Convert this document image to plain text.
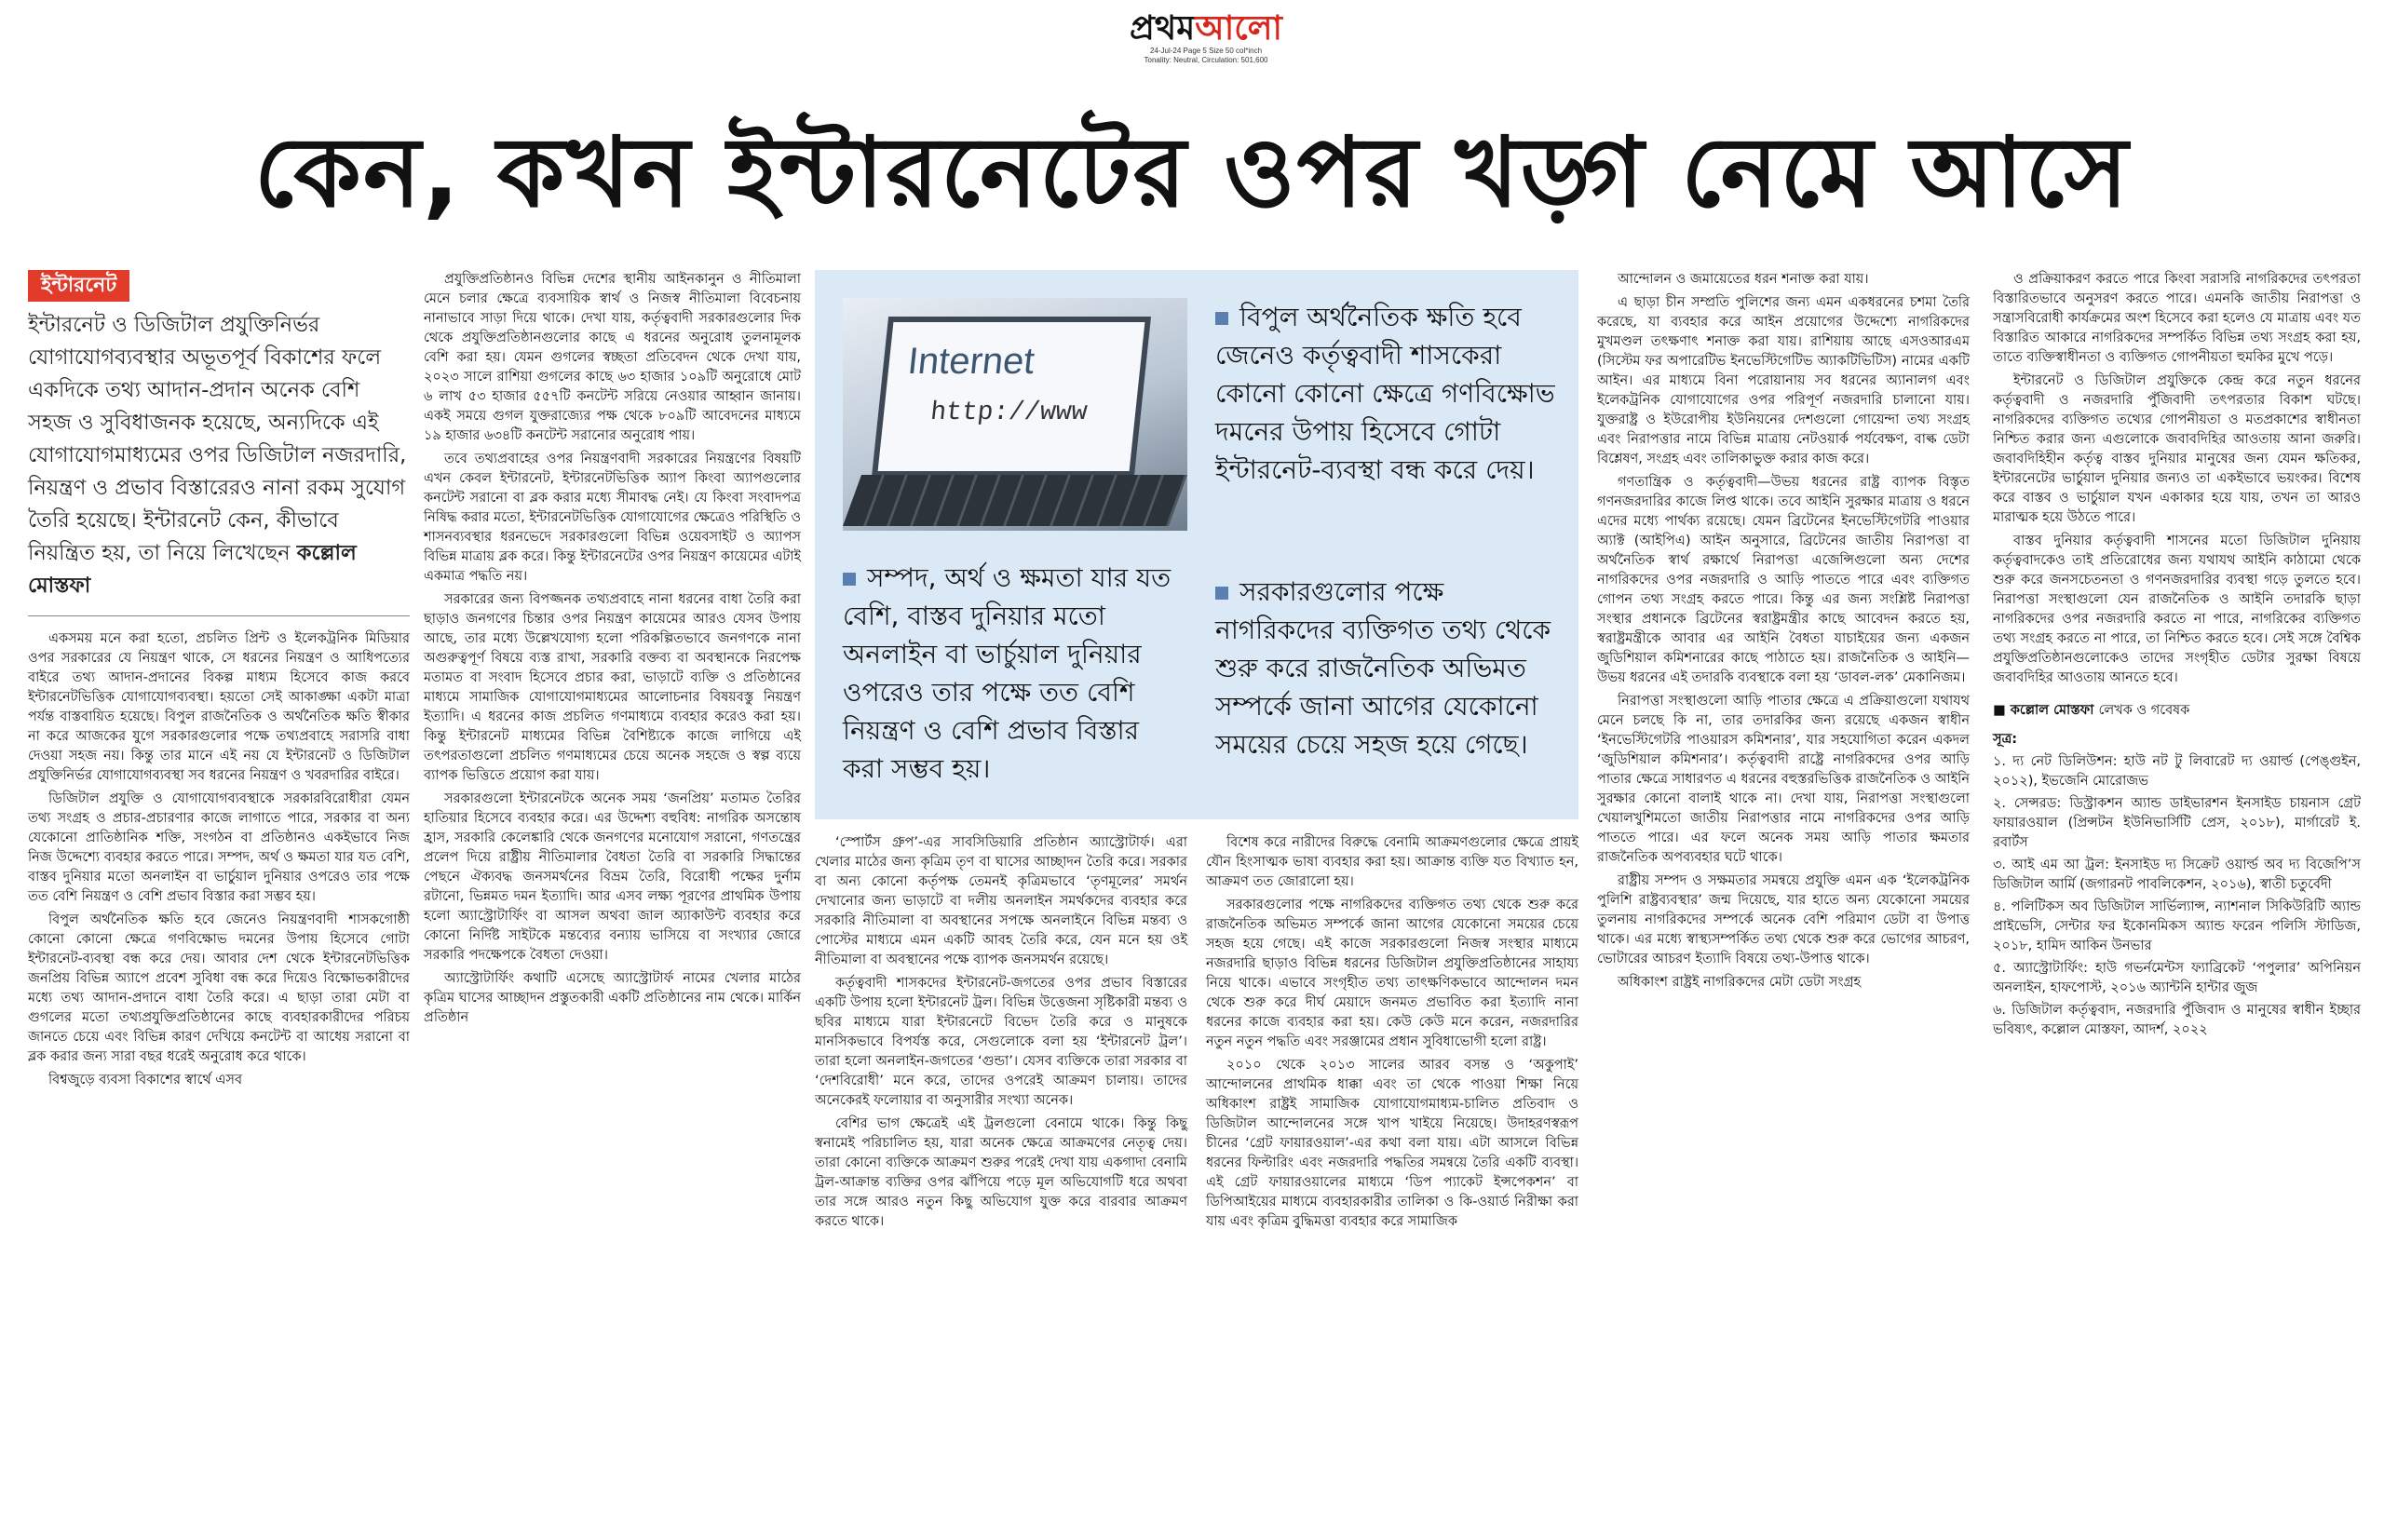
প্রথমআলো
24-Jul-24 Page 5 Size 50 col*inch
Tonality: Neutral, Circulation: 501,600
কেন, কখন ইন্টারনেটের ওপর খড়্গ নেমে আসে
ইন্টারনেট
ইন্টারনেট ও ডিজিটাল প্রযুক্তিনির্ভর যোগাযোগব্যবস্থার অভূতপূর্ব বিকাশের ফলে একদিকে তথ্য আদান-প্রদান অনেক বেশি সহজ ও সুবিধাজনক হয়েছে, অন্যদিকে এই যোগাযোগমাধ্যমের ওপর ডিজিটাল নজরদারি, নিয়ন্ত্রণ ও প্রভাব বিস্তারেরও নানা রকম সুযোগ তৈরি হয়েছে। ইন্টারনেট কেন, কীভাবে নিয়ন্ত্রিত হয়, তা নিয়ে লিখেছেন কল্লোল মোস্তফা

একসময় মনে করা হতো, প্রচলিত প্রিন্ট ও ইলেকট্রনিক মিডিয়ার ওপর সরকারের যে নিয়ন্ত্রণ থাকে, সে ধরনের নিয়ন্ত্রণ ও আধিপত্যের বাইরে তথ্য আদান-প্রদানের বিকল্প মাধ্যম হিসেবে কাজ করবে ইন্টারনেটভিত্তিক যোগাযোগব্যবস্থা। হয়তো সেই আকাঙ্ক্ষা একটা মাত্রা পর্যন্ত বাস্তবায়িত হয়েছে। বিপুল রাজনৈতিক ও অর্থনৈতিক ক্ষতি স্বীকার না করে আজকের যুগে সরকারগুলোর পক্ষে তথ্যপ্রবাহে সরাসরি বাধা দেওয়া সহজ নয়। কিন্তু তার মানে এই নয় যে ইন্টারনেট ও ডিজিটাল প্রযুক্তিনির্ভর যোগাযোগব্যবস্থা সব ধরনের নিয়ন্ত্রণ ও খবরদারির বাইরে।

ডিজিটাল প্রযুক্তি ও যোগাযোগব্যবস্থাকে সরকারবিরোধীরা যেমন তথ্য সংগ্রহ ও প্রচার-প্রচারণার কাজে লাগাতে পারে, সরকার বা অন্য যেকোনো প্রাতিষ্ঠানিক শক্তি, সংগঠন বা প্রতিষ্ঠানও একইভাবে নিজ নিজ উদ্দেশ্যে ব্যবহার করতে পারে। সম্পদ, অর্থ ও ক্ষমতা যার যত বেশি, বাস্তব দুনিয়ার মতো অনলাইন বা ভার্চুয়াল দুনিয়ার ওপরেও তার পক্ষে তত বেশি নিয়ন্ত্রণ ও বেশি প্রভাব বিস্তার করা সম্ভব হয়।

বিপুল অর্থনৈতিক ক্ষতি হবে জেনেও নিয়ন্ত্রণবাদী শাসকগোষ্ঠী কোনো কোনো ক্ষেত্রে গণবিক্ষোভ দমনের উপায় হিসেবে গোটা ইন্টারনেট-ব্যবস্থা বন্ধ করে দেয়। আবার দেশ থেকে ইন্টারনেটভিত্তিক জনপ্রিয় বিভিন্ন অ্যাপে প্রবেশ সুবিধা বন্ধ করে দিয়েও বিক্ষোভকারীদের মধ্যে তথ্য আদান-প্রদানে বাধা তৈরি করে। এ ছাড়া তারা মেটা বা গুগলের মতো তথ্যপ্রযুক্তিপ্রতিষ্ঠানের কাছে ব্যবহারকারীদের পরিচয় জানতে চেয়ে এবং বিভিন্ন কারণ দেখিয়ে কনটেন্ট বা আধেয় সরানো বা ব্লক করার জন্য সারা বছর ধরেই অনুরোধ করে থাকে।

বিশ্বজুড়ে ব্যবসা বিকাশের স্বার্থে এসব

প্রযুক্তিপ্রতিষ্ঠানও বিভিন্ন দেশের স্থানীয় আইনকানুন ও নীতিমালা মেনে চলার ক্ষেত্রে ব্যবসায়িক স্বার্থ ও নিজস্ব নীতিমালা বিবেচনায় নানাভাবে সাড়া দিয়ে থাকে। দেখা যায়, কর্তৃত্ববাদী সরকারগুলোর দিক থেকে প্রযুক্তিপ্রতিষ্ঠানগুলোর কাছে এ ধরনের অনুরোধ তুলনামূলক বেশি করা হয়। যেমন গুগলের স্বচ্ছতা প্রতিবেদন থেকে দেখা যায়, ২০২৩ সালে রাশিয়া গুগলের কাছে ৬৩ হাজার ১০৯টি অনুরোধে মোট ৬ লাখ ৫৩ হাজার ৫৫৭টি কনটেন্ট সরিয়ে নেওয়ার আহ্বান জানায়। একই সময়ে গুগল যুক্তরাজ্যের পক্ষ থেকে ৮০৯টি আবেদনের মাধ্যমে ১৯ হাজার ৬৩৪টি কনটেন্ট সরানোর অনুরোধ পায়।

তবে তথ্যপ্রবাহের ওপর নিয়ন্ত্রণবাদী সরকারের নিয়ন্ত্রণের বিষয়টি এখন কেবল ইন্টারনেট, ইন্টারনেটভিত্তিক অ্যাপ কিংবা অ্যাপগুলোর কনটেন্ট সরানো বা ব্লক করার মধ্যে সীমাবদ্ধ নেই। যে কিংবা সংবাদপত্র নিষিদ্ধ করার মতো, ইন্টারনেটভিত্তিক যোগাযোগের ক্ষেত্রেও পরিস্থিতি ও শাসনব্যবস্থার ধরনভেদে সরকারগুলো বিভিন্ন ওয়েবসাইট ও অ্যাপস বিভিন্ন মাত্রায় ব্লক করে। কিন্তু ইন্টারনেটের ওপর নিয়ন্ত্রণ কায়েমের এটাই একমাত্র পদ্ধতি নয়।

সরকারের জন্য বিপজ্জনক তথ্যপ্রবাহে নানা ধরনের বাধা তৈরি করা ছাড়াও জনগণের চিন্তার ওপর নিয়ন্ত্রণ কায়েমের আরও যেসব উপায় আছে, তার মধ্যে উল্লেখযোগ্য হলো পরিকল্পিতভাবে জনগণকে নানা অগুরুত্বপূর্ণ বিষয়ে ব্যস্ত রাখা, সরকারি বক্তব্য বা অবস্থানকে নিরপেক্ষ মতামত বা সংবাদ হিসেবে প্রচার করা, ভাড়াটে ব্যক্তি ও প্রতিষ্ঠানের মাধ্যমে সামাজিক যোগাযোগমাধ্যমের আলোচনার বিষয়বস্তু নিয়ন্ত্রণ ইত্যাদি। এ ধরনের কাজ প্রচলিত গণমাধ্যমে ব্যবহার করেও করা হয়। কিন্তু ইন্টারনেট মাধ্যমের বিভিন্ন বৈশিষ্ট্যকে কাজে লাগিয়ে এই তৎপরতাগুলো প্রচলিত গণমাধ্যমের চেয়ে অনেক সহজে ও স্বল্প ব্যয়ে ব্যাপক ভিত্তিতে প্রয়োগ করা যায়।

সরকারগুলো ইন্টারনেটকে অনেক সময় ‘জনপ্রিয়’ মতামত তৈরির হাতিয়ার হিসেবে ব্যবহার করে। এর উদ্দেশ্য বহুবিধ: নাগরিক অসন্তোষ হ্রাস, সরকারি কেলেঙ্কারি থেকে জনগণের মনোযোগ সরানো, গণতন্ত্রের প্রলেপ দিয়ে রাষ্ট্রীয় নীতিমালার বৈধতা তৈরি বা সরকারি সিদ্ধান্তের পেছনে ঐক্যবদ্ধ জনসমর্থনের বিভ্রম তৈরি, বিরোধী পক্ষের দুর্নাম রটানো, ভিন্নমত দমন ইত্যাদি। আর এসব লক্ষ্য পূরণের প্রাথমিক উপায় হলো অ্যাস্ট্রোটার্ফিং বা আসল অথবা জাল অ্যাকাউন্ট ব্যবহার করে কোনো নির্দিষ্ট সাইটকে মন্তব্যের বন্যায় ভাসিয়ে বা সংখ্যার জোরে সরকারি পদক্ষেপকে বৈধতা দেওয়া।

অ্যাস্ট্রোটার্ফিং কথাটি এসেছে অ্যাস্ট্রোটার্ফ নামের খেলার মাঠের কৃত্রিম ঘাসের আচ্ছাদন প্রস্তুতকারী একটি প্রতিষ্ঠানের নাম থেকে। মার্কিন প্রতিষ্ঠান

Internet
http://www
সম্পদ, অর্থ ও ক্ষমতা যার যত বেশি, বাস্তব দুনিয়ার মতো অনলাইন বা ভার্চুয়াল দুনিয়ার ওপরেও তার পক্ষে তত বেশি নিয়ন্ত্রণ ও বেশি প্রভাব বিস্তার করা সম্ভব হয়।
বিপুল অর্থনৈতিক ক্ষতি হবে জেনেও কর্তৃত্ববাদী শাসকেরা কোনো কোনো ক্ষেত্রে গণবিক্ষোভ দমনের উপায় হিসেবে গোটা ইন্টারনেট-ব্যবস্থা বন্ধ করে দেয়।
সরকারগুলোর পক্ষে নাগরিকদের ব্যক্তিগত তথ্য থেকে শুরু করে রাজনৈতিক অভিমত সম্পর্কে জানা আগের যেকোনো সময়ের চেয়ে সহজ হয়ে গেছে।

‘স্পোর্টস গ্রুপ’-এর সাবসিডিয়ারি প্রতিষ্ঠান অ্যাস্ট্রোটার্ফ। এরা খেলার মাঠের জন্য কৃত্রিম তৃণ বা ঘাসের আচ্ছাদন তৈরি করে। সরকার বা অন্য কোনো কর্তৃপক্ষ তেমনই কৃত্রিমভাবে ‘তৃণমূলের’ সমর্থন দেখানোর জন্য ভাড়াটে বা দলীয় অনলাইন সমর্থকদের ব্যবহার করে সরকারি নীতিমালা বা অবস্থানের সপক্ষে অনলাইনে বিভিন্ন মন্তব্য ও পোস্টের মাধ্যমে এমন একটি আবহ তৈরি করে, যেন মনে হয় ওই নীতিমালা বা অবস্থানের পক্ষে ব্যাপক জনসমর্থন রয়েছে।

কর্তৃত্ববাদী শাসকদের ইন্টারনেট-জগতের ওপর প্রভাব বিস্তারের একটি উপায় হলো ইন্টারনেট ট্রল। বিভিন্ন উত্তেজনা সৃষ্টিকারী মন্তব্য ও ছবির মাধ্যমে যারা ইন্টারনেটে বিভেদ তৈরি করে ও মানুষকে মানসিকভাবে বিপর্যস্ত করে, সেগুলোকে বলা হয় ‘ইন্টারনেট ট্রল’। তারা হলো অনলাইন-জগতের ‘গুন্ডা’। যেসব ব্যক্তিকে তারা সরকার বা ‘দেশবিরোধী’ মনে করে, তাদের ওপরেই আক্রমণ চালায়। তাদের অনেকেরই ফলোয়ার বা অনুসারীর সংখ্যা অনেক।

বেশির ভাগ ক্ষেত্রেই এই ট্রলগুলো বেনামে থাকে। কিন্তু কিছু স্বনামেই পরিচালিত হয়, যারা অনেক ক্ষেত্রে আক্রমণের নেতৃত্ব দেয়। তারা কোনো ব্যক্তিকে আক্রমণ শুরুর পরেই দেখা যায় একগাদা বেনামি ট্রল-আক্রান্ত ব্যক্তির ওপর ঝাঁপিয়ে পড়ে মূল অভিযোগটি ধরে অথবা তার সঙ্গে আরও নতুন কিছু অভিযোগ যুক্ত করে বারবার আক্রমণ করতে থাকে।

বিশেষ করে নারীদের বিরুদ্ধে বেনামি আক্রমণগুলোর ক্ষেত্রে প্রায়ই যৌন হিংসাত্মক ভাষা ব্যবহার করা হয়। আক্রান্ত ব্যক্তি যত বিখ্যাত হন, আক্রমণ তত জোরালো হয়।

সরকারগুলোর পক্ষে নাগরিকদের ব্যক্তিগত তথ্য থেকে শুরু করে রাজনৈতিক অভিমত সম্পর্কে জানা আগের যেকোনো সময়ের চেয়ে সহজ হয়ে গেছে। এই কাজে সরকারগুলো নিজস্ব সংস্থার মাধ্যমে নজরদারি ছাড়াও বিভিন্ন ধরনের ডিজিটাল প্রযুক্তিপ্রতিষ্ঠানের সাহায্য নিয়ে থাকে। এভাবে সংগৃহীত তথ্য তাৎক্ষণিকভাবে আন্দোলন দমন থেকে শুরু করে দীর্ঘ মেয়াদে জনমত প্রভাবিত করা ইত্যাদি নানা ধরনের কাজে ব্যবহার করা হয়। কেউ কেউ মনে করেন, নজরদারির নতুন নতুন পদ্ধতি এবং সরঞ্জামের প্রধান সুবিধাভোগী হলো রাষ্ট্র।

২০১০ থেকে ২০১৩ সালের আরব বসন্ত ও ‘অকুপাই’ আন্দোলনের প্রাথমিক ধাক্কা এবং তা থেকে পাওয়া শিক্ষা নিয়ে অধিকাংশ রাষ্ট্রই সামাজিক যোগাযোগমাধ্যম-চালিত প্রতিবাদ ও ডিজিটাল আন্দোলনের সঙ্গে খাপ খাইয়ে নিয়েছে। উদাহরণস্বরূপ চীনের ‘গ্রেট ফায়ারওয়াল’-এর কথা বলা যায়। এটা আসলে বিভিন্ন ধরনের ফিল্টারিং এবং নজরদারি পদ্ধতির সমন্বয়ে তৈরি একটি ব্যবস্থা। এই গ্রেট ফায়ারওয়ালের মাধ্যমে ‘ডিপ প্যাকেট ইন্সপেকশন’ বা ডিপিআইয়ের মাধ্যমে ব্যবহারকারীর তালিকা ও কি-ওয়ার্ড নিরীক্ষা করা যায় এবং কৃত্রিম বুদ্ধিমত্তা ব্যবহার করে সামাজিক

আন্দোলন ও জমায়েতের ধরন শনাক্ত করা যায়।

এ ছাড়া চীন সম্প্রতি পুলিশের জন্য এমন একধরনের চশমা তৈরি করেছে, যা ব্যবহার করে আইন প্রয়োগের উদ্দেশ্যে নাগরিকদের মুখমণ্ডল তৎক্ষণাৎ শনাক্ত করা যায়। রাশিয়ায় আছে এসওআরএম (সিস্টেম ফর অপারেটিভ ইনভেস্টিগেটিভ অ্যাকটিভিটিস) নামের একটি আইন। এর মাধ্যমে বিনা পরোয়ানায় সব ধরনের অ্যানালগ এবং ইলেকট্রনিক যোগাযোগের ওপর পরিপূর্ণ নজরদারি চালানো যায়। যুক্তরাষ্ট্র ও ইউরোপীয় ইউনিয়নের দেশগুলো গোয়েন্দা তথ্য সংগ্রহ এবং নিরাপত্তার নামে বিভিন্ন মাত্রায় নেটওয়ার্ক পর্যবেক্ষণ, বাল্ক ডেটা বিশ্লেষণ, সংগ্রহ এবং তালিকাভুক্ত করার কাজ করে।

গণতান্ত্রিক ও কর্তৃত্ববাদী—উভয় ধরনের রাষ্ট্র ব্যাপক বিস্তৃত গণনজরদারির কাজে লিপ্ত থাকে। তবে আইনি সুরক্ষার মাত্রায় ও ধরনে এদের মধ্যে পার্থক্য রয়েছে। যেমন ব্রিটেনের ইনভেস্টিগেটরি পাওয়ার অ্যাক্ট (আইপিএ) আইন অনুসারে, ব্রিটেনের জাতীয় নিরাপত্তা বা অর্থনৈতিক স্বার্থ রক্ষার্থে নিরাপত্তা এজেন্সিগুলো অন্য দেশের নাগরিকদের ওপর নজরদারি ও আড়ি পাততে পারে এবং ব্যক্তিগত গোপন তথ্য সংগ্রহ করতে পারে। কিন্তু এর জন্য সংশ্লিষ্ট নিরাপত্তা সংস্থার প্রধানকে ব্রিটেনের স্বরাষ্ট্রমন্ত্রীর কাছে আবেদন করতে হয়, স্বরাষ্ট্রমন্ত্রীকে আবার এর আইনি বৈধতা যাচাইয়ের জন্য একজন জুডিশিয়াল কমিশনারের কাছে পাঠাতে হয়। রাজনৈতিক ও আইনি—উভয় ধরনের এই তদারকি ব্যবস্থাকে বলা হয় ‘ডাবল-লক’ মেকানিজম।

নিরাপত্তা সংস্থাগুলো আড়ি পাতার ক্ষেত্রে এ প্রক্রিয়াগুলো যথাযথ মেনে চলছে কি না, তার তদারকির জন্য রয়েছে একজন স্বাধীন ‘ইনভেস্টিগেটরি পাওয়ারস কমিশনার’, যার সহযোগিতা করেন একদল ‘জুডিশিয়াল কমিশনার’। কর্তৃত্ববাদী রাষ্ট্রে নাগরিকদের ওপর আড়ি পাতার ক্ষেত্রে সাধারণত এ ধরনের বহুস্তরভিত্তিক রাজনৈতিক ও আইনি সুরক্ষার কোনো বালাই থাকে না। দেখা যায়, নিরাপত্তা সংস্থাগুলো খেয়ালখুশিমতো জাতীয় নিরাপত্তার নামে নাগরিকদের ওপর আড়ি পাততে পারে। এর ফলে অনেক সময় আড়ি পাতার ক্ষমতার রাজনৈতিক অপব্যবহার ঘটে থাকে।

রাষ্ট্রীয় সম্পদ ও সক্ষমতার সমন্বয়ে প্রযুক্তি এমন এক ‘ইলেকট্রনিক পুলিশি রাষ্ট্রব্যবস্থার’ জন্ম দিয়েছে, যার হাতে অন্য যেকোনো সময়ের তুলনায় নাগরিকদের সম্পর্কে অনেক বেশি পরিমাণ ডেটা বা উপাত্ত থাকে। এর মধ্যে স্বাস্থ্যসম্পর্কিত তথ্য থেকে শুরু করে ভোগের আচরণ, ভোটারের আচরণ ইত্যাদি বিষয়ে তথ্য-উপাত্ত থাকে।

অধিকাংশ রাষ্ট্রই নাগরিকদের মেটা ডেটা সংগ্রহ

ও প্রক্রিয়াকরণ করতে পারে কিংবা সরাসরি নাগরিকদের তৎপরতা বিস্তারিতভাবে অনুসরণ করতে পারে। এমনকি জাতীয় নিরাপত্তা ও সন্ত্রাসবিরোধী কার্যক্রমের অংশ হিসেবে করা হলেও যে মাত্রায় এবং যত বিস্তারিত আকারে নাগরিকদের সম্পর্কিত বিভিন্ন তথ্য সংগ্রহ করা হয়, তাতে ব্যক্তিস্বাধীনতা ও ব্যক্তিগত গোপনীয়তা হুমকির মুখে পড়ে।

ইন্টারনেট ও ডিজিটাল প্রযুক্তিকে কেন্দ্র করে নতুন ধরনের কর্তৃত্ববাদী ও নজরদারি পুঁজিবাদী তৎপরতার বিকাশ ঘটছে। নাগরিকদের ব্যক্তিগত তথ্যের গোপনীয়তা ও মতপ্রকাশের স্বাধীনতা নিশ্চিত করার জন্য এগুলোকে জবাবদিহির আওতায় আনা জরুরি। জবাবদিহিহীন কর্তৃত্ব বাস্তব দুনিয়ার মানুষের জন্য যেমন ক্ষতিকর, ইন্টারনেটের ভার্চুয়াল দুনিয়ার জন্যও তা একইভাবে ভয়ংকর। বিশেষ করে বাস্তব ও ভার্চুয়াল যখন একাকার হয়ে যায়, তখন তা আরও মারাত্মক হয়ে উঠতে পারে।

বাস্তব দুনিয়ার কর্তৃত্ববাদী শাসনের মতো ডিজিটাল দুনিয়ায় কর্তৃত্ববাদকেও তাই প্রতিরোধের জন্য যথাযথ আইনি কাঠামো থেকে শুরু করে জনসচেতনতা ও গণনজরদারির ব্যবস্থা গড়ে তুলতে হবে। নিরাপত্তা সংস্থাগুলো যেন রাজনৈতিক ও আইনি তদারকি ছাড়া নাগরিকদের ওপর নজরদারি করতে না পারে, নাগরিকের ব্যক্তিগত তথ্য সংগ্রহ করতে না পারে, তা নিশ্চিত করতে হবে। সেই সঙ্গে বৈশ্বিক প্রযুক্তিপ্রতিষ্ঠানগুলোকেও তাদের সংগৃহীত ডেটার সুরক্ষা বিষয়ে জবাবদিহির আওতায় আনতে হবে।

■ কল্লোল মোস্তফা লেখক ও গবেষক

সূত্র:

১. দ্য নেট ডিলিউশন: হাউ নট টু লিবারেট দ্য ওয়ার্ল্ড (পেঙ্গুইন, ২০১২), ইভজেনি মোরোজভ

২. সেন্সরড: ডিস্ট্রাকশন অ্যান্ড ডাইভারশন ইনসাইড চায়নাস গ্রেট ফায়ারওয়াল (প্রিন্সটন ইউনিভার্সিটি প্রেস, ২০১৮), মার্গারেট ই. রবার্টস

৩. আই এম আ ট্রল: ইনসাইড দ্য সিক্রেট ওয়ার্ল্ড অব দ্য বিজেপি’স ডিজিটাল আর্মি (জগারনট পাবলিকেশন, ২০১৬), স্বাতী চতুর্বেদী

৪. পলিটিকস অব ডিজিটাল সার্ভিল্যান্স, ন্যাশনাল সিকিউরিটি অ্যান্ড প্রাইভেসি, সেন্টার ফর ইকোনমিকস অ্যান্ড ফরেন পলিসি স্টাডিজ, ২০১৮, হামিদ আকিন উনভার

৫. অ্যাস্ট্রোটার্ফিং: হাউ গভর্নমেন্টস ফ্যাব্রিকেট ‘পপুলার’ অপিনিয়ন অনলাইন, হাফপোস্ট, ২০১৬ অ্যান্টনি হান্টার জুজ

৬. ডিজিটাল কর্তৃত্ববাদ, নজরদারি পুঁজিবাদ ও মানুষের স্বাধীন ইচ্ছার ভবিষ্যৎ, কল্লোল মোস্তফা, আদর্শ, ২০২২
